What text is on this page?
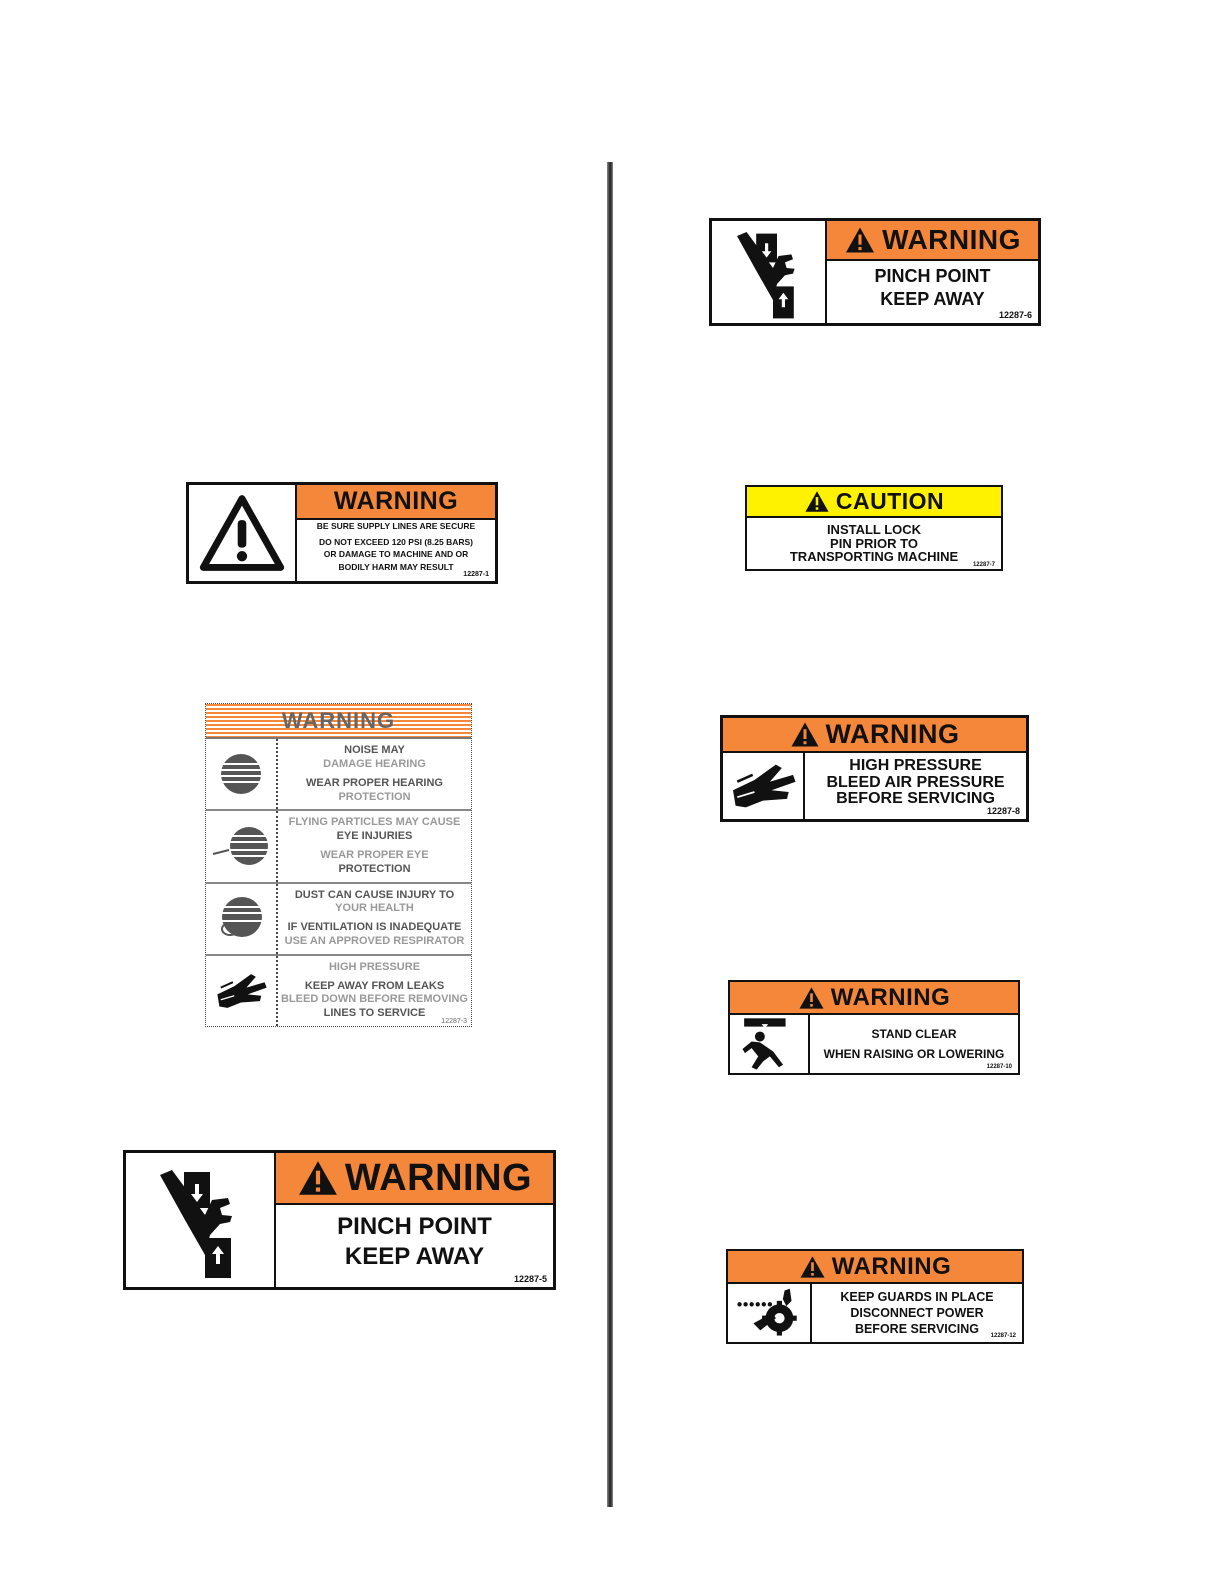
WARNING
BE SURE SUPPLY LINES ARE SECURE
DO NOT EXCEED 120 PSI (8.25 BARS)
OR DAMAGE TO MACHINE AND OR
BODILY HARM MAY RESULT
12287-1
WARNING
NOISE MAY
DAMAGE HEARING
WEAR PROPER HEARING
PROTECTION
FLYING PARTICLES MAY CAUSE
EYE INJURIES
WEAR PROPER EYE
PROTECTION
DUST CAN CAUSE INJURY TO
YOUR HEALTH
IF VENTILATION IS INADEQUATE
USE AN APPROVED RESPIRATOR
HIGH PRESSURE
KEEP AWAY FROM LEAKS
BLEED DOWN BEFORE REMOVING
LINES TO SERVICE
12287-3
WARNING
PINCH POINT
KEEP AWAY
12287-5
WARNING
PINCH POINT
KEEP AWAY
12287-6
CAUTION
INSTALL LOCK
PIN PRIOR TO
TRANSPORTING MACHINE
12287-7
WARNING
HIGH PRESSURE
BLEED AIR PRESSURE
BEFORE SERVICING
12287-8
WARNING
STAND CLEAR
WHEN RAISING OR LOWERING
12287-10
WARNING
KEEP GUARDS IN PLACE
DISCONNECT POWER
BEFORE SERVICING
12287-12
